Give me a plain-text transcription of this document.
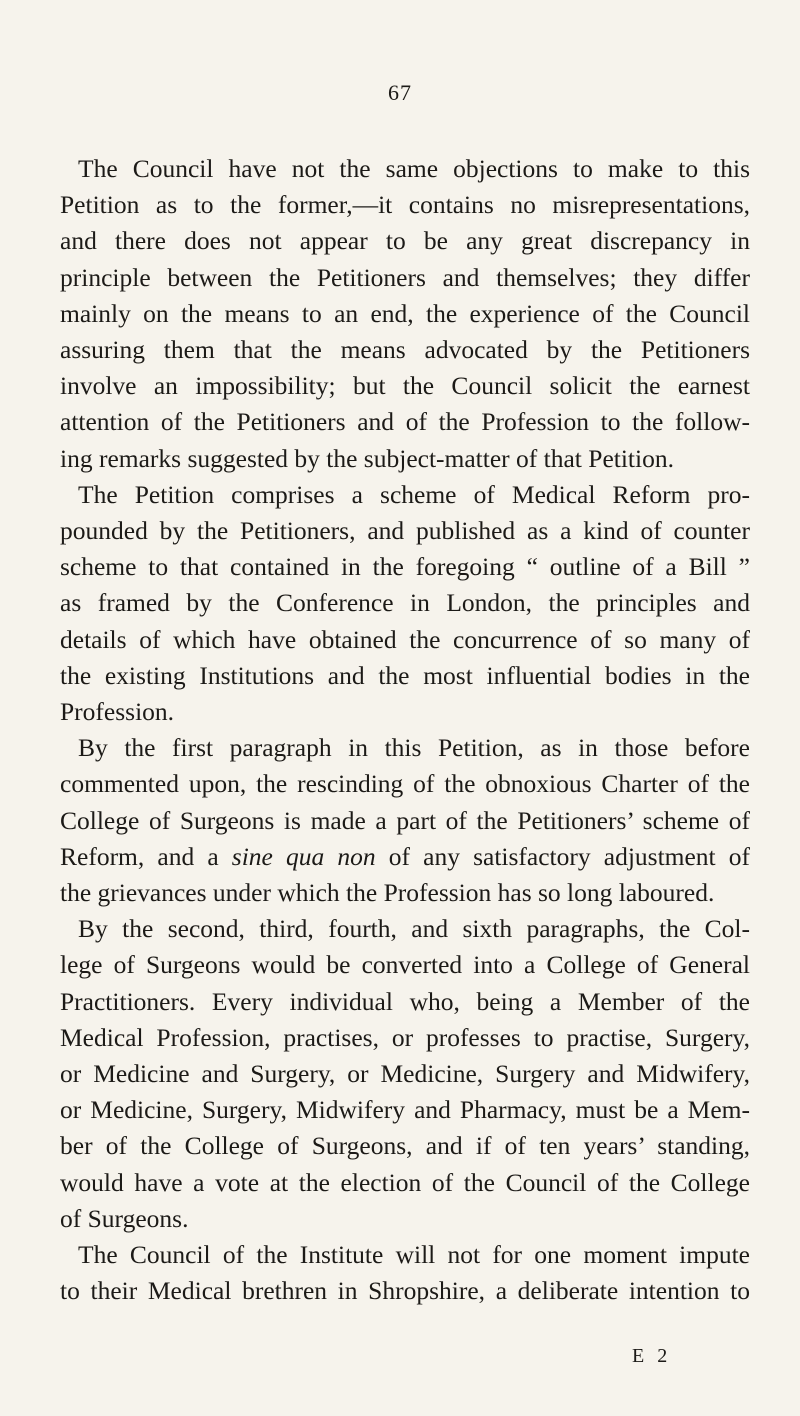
67
The Council have not the same objections to make to this
Petition as to the former,—it contains no misrepresentations,
and there does not appear to be any great discrepancy in
principle between the Petitioners and themselves; they differ
mainly on the means to an end, the experience of the Council
assuring them that the means advocated by the Petitioners
involve an impossibility; but the Council solicit the earnest
attention of the Petitioners and of the Profession to the follow-
ing remarks suggested by the subject-matter of that Petition.
The Petition comprises a scheme of Medical Reform pro-
pounded by the Petitioners, and published as a kind of counter
scheme to that contained in the foregoing “ outline of a Bill ”
as framed by the Conference in London, the principles and
details of which have obtained the concurrence of so many of
the existing Institutions and the most influential bodies in the
Profession.
By the first paragraph in this Petition, as in those before
commented upon, the rescinding of the obnoxious Charter of the
College of Surgeons is made a part of the Petitioners’ scheme of
Reform, and a sine qua non of any satisfactory adjustment of
the grievances under which the Profession has so long laboured.
By the second, third, fourth, and sixth paragraphs, the Col-
lege of Surgeons would be converted into a College of General
Practitioners. Every individual who, being a Member of the
Medical Profession, practises, or professes to practise, Surgery,
or Medicine and Surgery, or Medicine, Surgery and Midwifery,
or Medicine, Surgery, Midwifery and Pharmacy, must be a Mem-
ber of the College of Surgeons, and if of ten years’ standing,
would have a vote at the election of the Council of the College
of Surgeons.
The Council of the Institute will not for one moment impute
to their Medical brethren in Shropshire, a deliberate intention to
E 2
